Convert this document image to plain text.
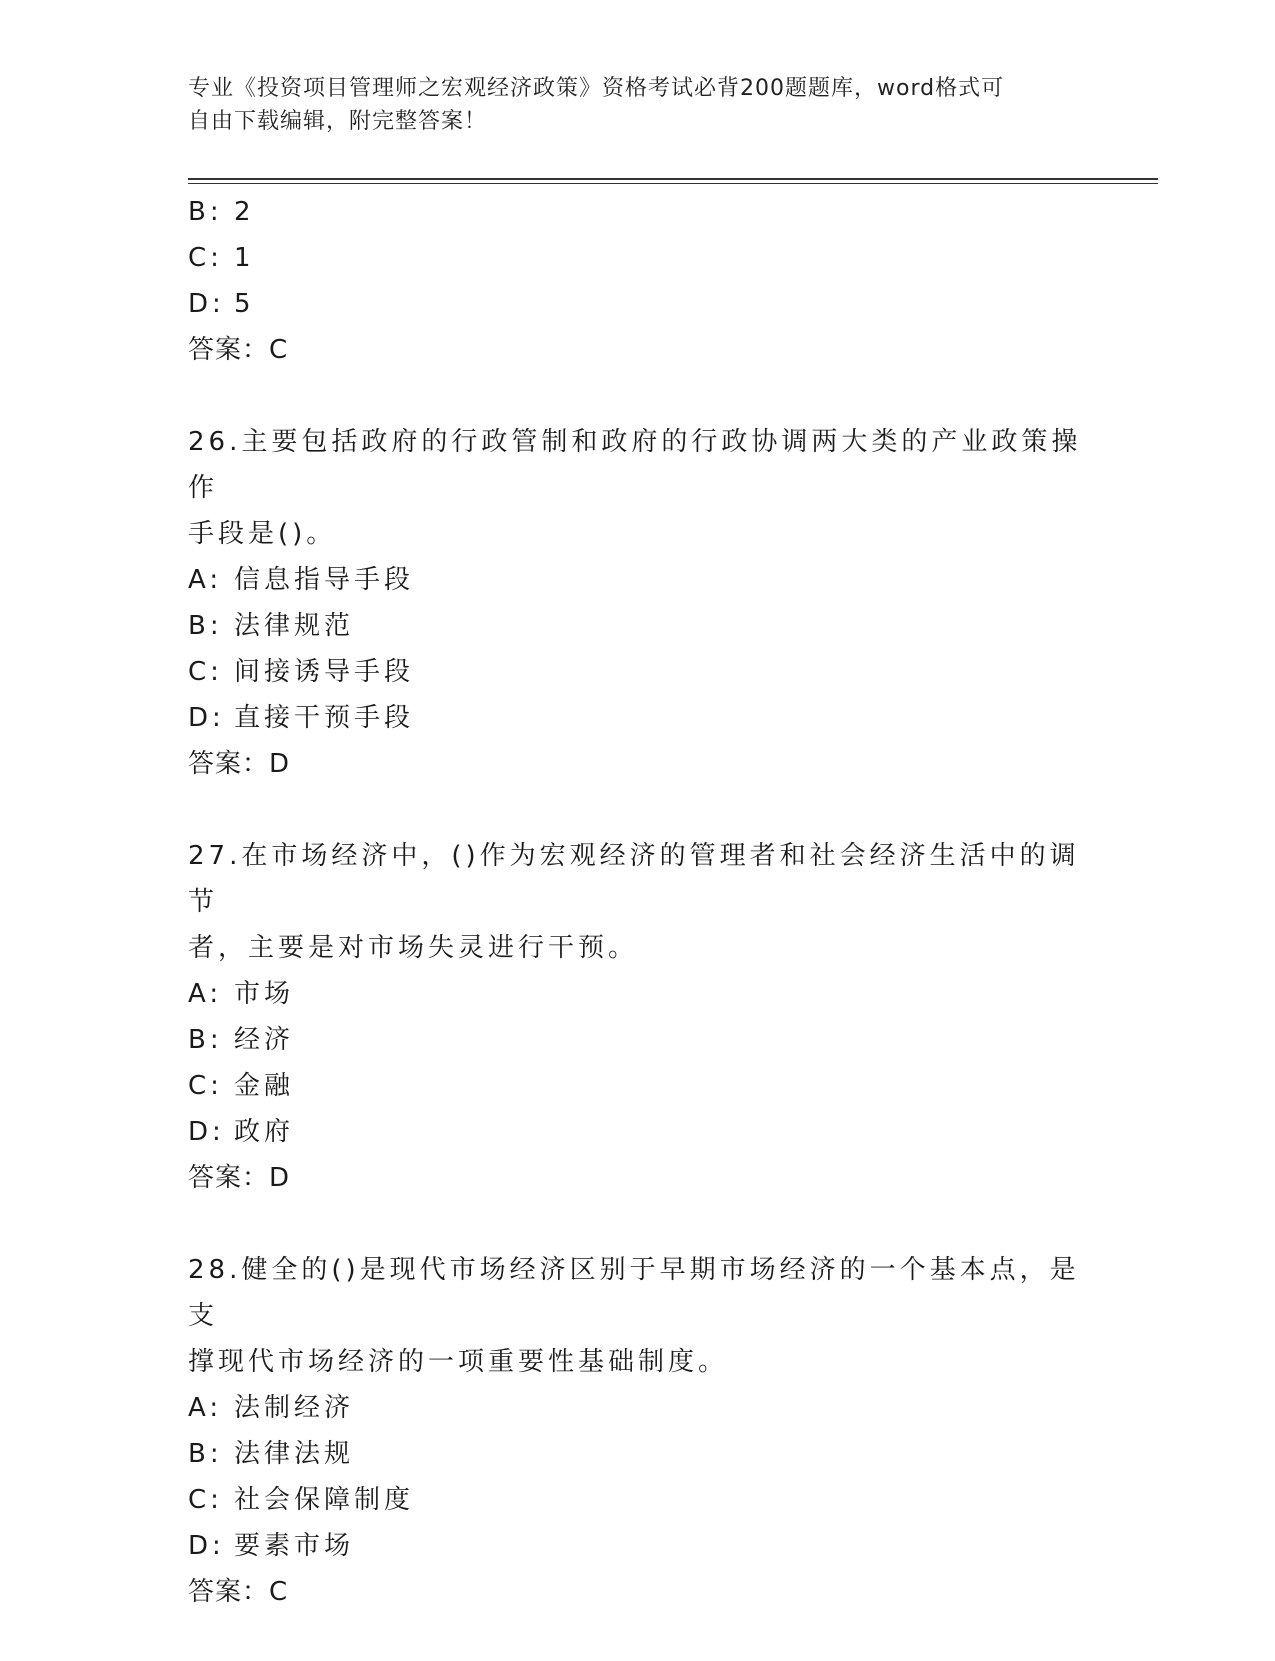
专业《投资项目管理师之宏观经济政策》资格考试必背200题题库，word格式可
自由下载编辑，附完整答案！
B: 2
C: 1
D: 5
答案：C
26.主要包括政府的行政管制和政府的行政协调两大类的产业政策操作
手段是()。
A: 信息指导手段
B: 法律规范
C: 间接诱导手段
D: 直接干预手段
答案：D
27.在市场经济中，()作为宏观经济的管理者和社会经济生活中的调节
者，主要是对市场失灵进行干预。
A: 市场
B: 经济
C: 金融
D: 政府
答案：D
28.健全的()是现代市场经济区别于早期市场经济的一个基本点，是支
撑现代市场经济的一项重要性基础制度。
A: 法制经济
B: 法律法规
C: 社会保障制度
D: 要素市场
答案：C
